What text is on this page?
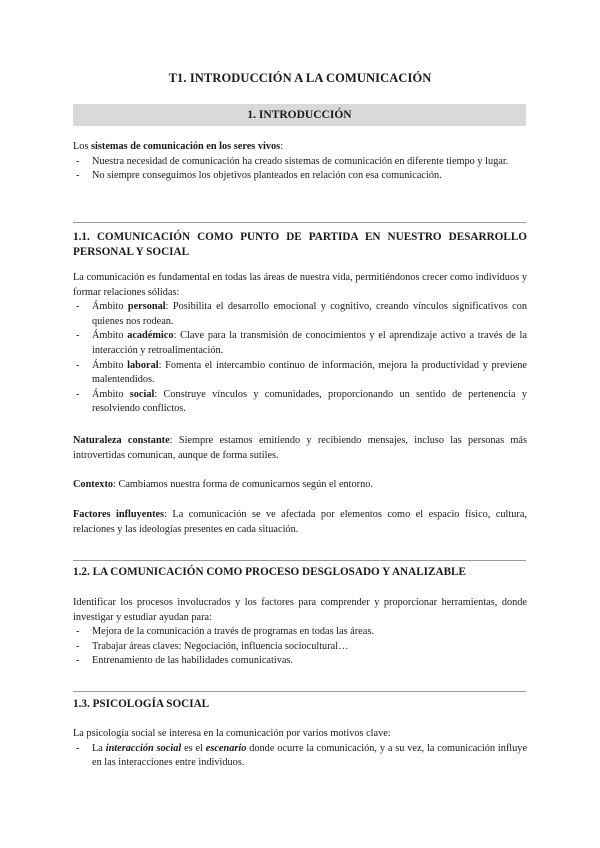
T1. INTRODUCCIÓN A LA COMUNICACIÓN
1. INTRODUCCIÓN
Los sistemas de comunicación en los seres vivos:
- Nuestra necesidad de comunicación ha creado sistemas de comunicación en diferente tiempo y lugar.
- No siempre conseguimos los objetivos planteados en relación con esa comunicación.
1.1. COMUNICACIÓN COMO PUNTO DE PARTIDA EN NUESTRO DESARROLLO PERSONAL Y SOCIAL
La comunicación es fundamental en todas las áreas de nuestra vida, permitiéndonos crecer como individuos y formar relaciones sólidas:
- Ámbito personal: Posibilita el desarrollo emocional y cognitivo, creando vínculos significativos con quienes nos rodean.
- Ámbito académico: Clave para la transmisión de conocimientos y el aprendizaje activo a través de la interacción y retroalimentación.
- Ámbito laboral: Fomenta el intercambio continuo de información, mejora la productividad y previene malentendidos.
- Ámbito social: Construye vínculos y comunidades, proporcionando un sentido de pertenencia y resolviendo conflictos.
Naturaleza constante: Siempre estamos emitiendo y recibiendo mensajes, incluso las personas más introvertidas comunican, aunque de forma sutiles.
Contexto: Cambiamos nuestra forma de comunicarnos según el entorno.
Factores influyentes: La comunicación se ve afectada por elementos como el espacio físico, cultura, relaciones y las ideologías presentes en cada situación.
1.2. LA COMUNICACIÓN COMO PROCESO DESGLOSADO Y ANALIZABLE
Identificar los procesos involucrados y los factores para comprender y proporcionar herramientas, donde investigar y estudiar ayudan para:
- Mejora de la comunicación a través de programas en todas las áreas.
- Trabajar áreas claves: Negociación, influencia sociocultural…
- Entrenamiento de las habilidades comunicativas.
1.3. PSICOLOGÍA SOCIAL
La psicología social se interesa en la comunicación por varios motivos clave:
- La interacción social es el escenario donde ocurre la comunicación, y a su vez, la comunicación influye en las interacciones entre individuos.
